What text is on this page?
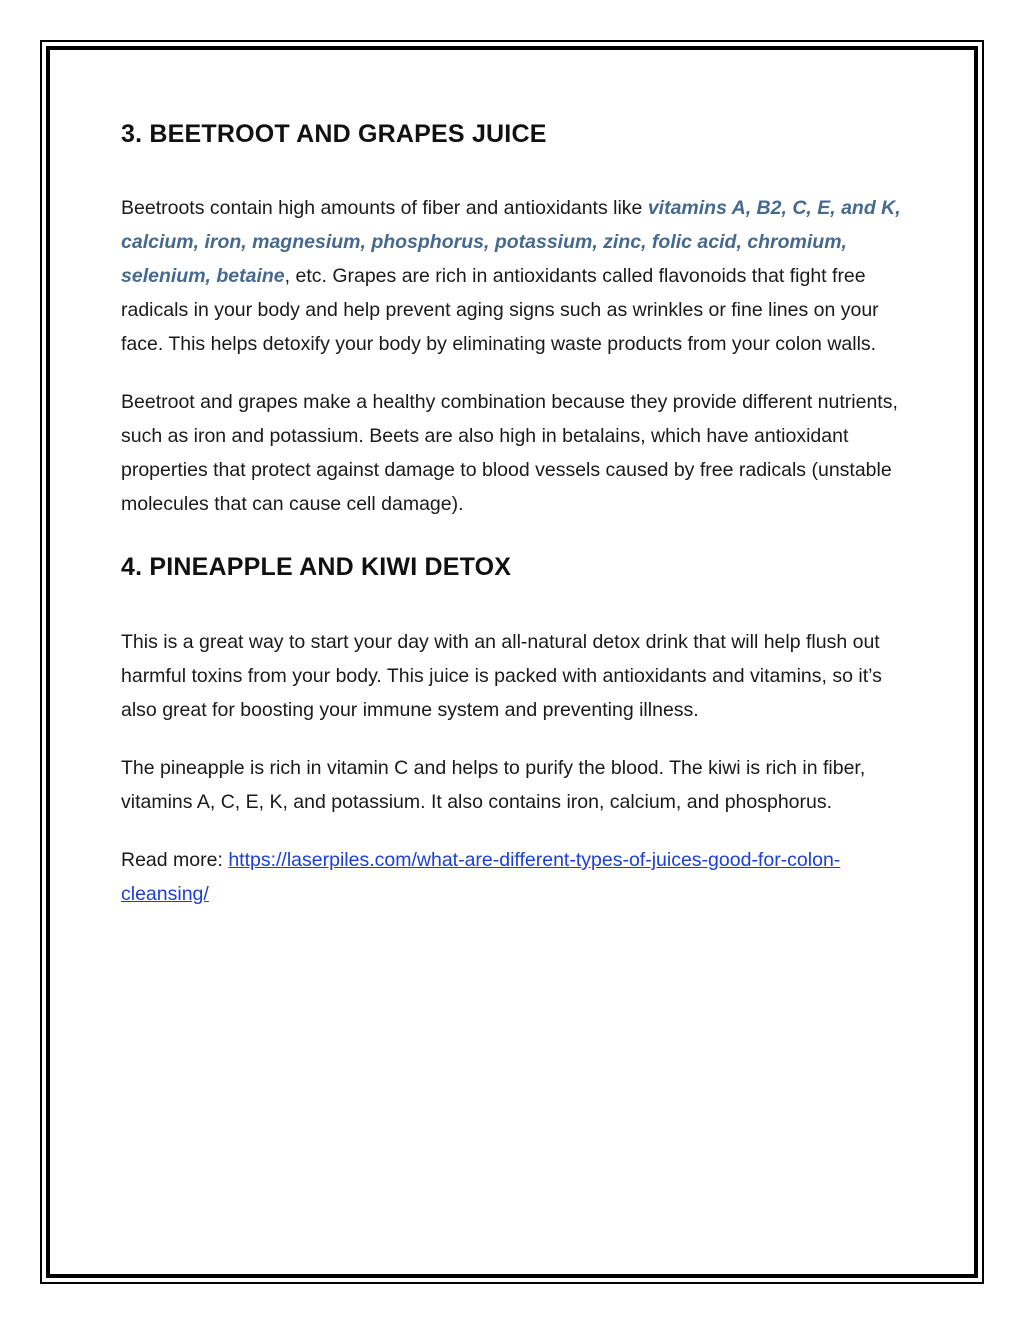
3. BEETROOT AND GRAPES JUICE

Beetroots contain high amounts of fiber and antioxidants like vitamins A, B2, C, E, and K, calcium, iron, magnesium, phosphorus, potassium, zinc, folic acid, chromium, selenium, betaine, etc. Grapes are rich in antioxidants called flavonoids that fight free radicals in your body and help prevent aging signs such as wrinkles or fine lines on your face. This helps detoxify your body by eliminating waste products from your colon walls.

Beetroot and grapes make a healthy combination because they provide different nutrients, such as iron and potassium. Beets are also high in betalains, which have antioxidant properties that protect against damage to blood vessels caused by free radicals (unstable molecules that can cause cell damage).

4. PINEAPPLE AND KIWI DETOX

This is a great way to start your day with an all-natural detox drink that will help flush out harmful toxins from your body. This juice is packed with antioxidants and vitamins, so it’s also great for boosting your immune system and preventing illness.

The pineapple is rich in vitamin C and helps to purify the blood. The kiwi is rich in fiber, vitamins A, C, E, K, and potassium. It also contains iron, calcium, and phosphorus.

Read more: https://laserpiles.com/what-are-different-types-of-juices-good-for-colon-cleansing/
